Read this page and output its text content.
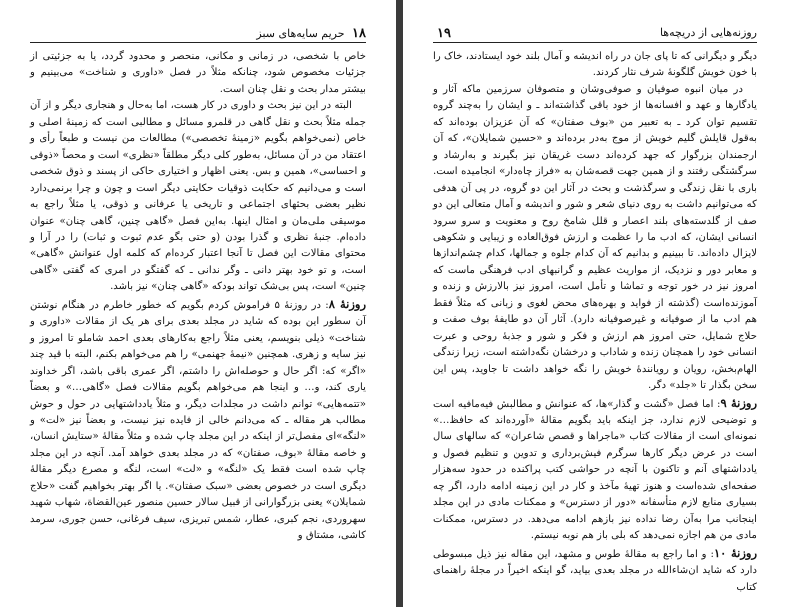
۱۸ حریم سایه‌های سبز

خاص با شخصی، در زمانی و مکانی، منحصر و محدود گردد، یا به جزئیتی از جزئیات مخصوص شود، چنانکه مثلاً در فصل «داوری و شناخت» می‌بینیم و بیشتر مدار بحث و نقل چنان است.

البته در این نیز بحث و داوری در کار هست، اما به‌حال و هنجاری دیگر و از آن جمله مثلاً بحث و نقل گاهی در قلمرو مسائل و مطالبی است که زمینهٔ اصلی و خاص (نمی‌خواهم بگویم «زمینهٔ تخصصی») مطالعات من نیست و طبعاً رأی و اعتقاد من در آن مسائل، به‌طور کلی دیگر مطلقاً «نظری» است و محصاً «ذوقی و احساسی»، همین و بس. یعنی اظهار و اختیاری حاکی از پسند و ذوق شخصی است و می‌دانیم که حکایت ذوقیات حکایتی دیگر است و چون و چرا برنمی‌دارد نظیر بعضی بحثهای اجتماعی و تاریخی یا عرفانی و ذوقی، یا مثلاً راجع به موسیقی ملی‌مان و امثال اینها. به‌این فصل «گاهی چنین، گاهی چنان» عنوان داده‌ام. جنبهٔ نظری و گذرا بودن (و حتی بگو عدم ثبوت و ثبات) را در آرا و محتوای مقالات این فصل تا آنجا اعتبار کرده‌ام که کلمه اول عنوانش «گاهی» است، و تو خود بهتر دانی ـ وگر ندانی ـ که گفتگو در امری که گفتی «گاهی چنین» است، پس بی‌شک تواند بودکه «گاهی چنان» نیز باشد.

روزنهٔ ۸: در روزنهٔ ۵ فراموش کردم بگویم که خطور خاطرم در هنگام نوشتن آن سطور این بوده که شاید در مجلد بعدی برای هر یک از مقالات «داوری و شناخت» ذیلی بنویسم، یعنی مثلاً راجع به‌کارهای بعدی احمد شاملو تا امروز و نیز سایه و زهری. همچنین «نیمهٔ جهنمی» را هم می‌خواهم بکنم، البته با قید چند «اگر» که: اگر حال و حوصله‌اش را داشتم، اگر عمری باقی باشد، اگر خداوند یاری کند، و… و اینجا هم می‌خواهم بگویم مقالات فصل «گاهی…» و بعضاً «تتمه‌هایی» توانم داشت در مجلدات دیگر، و مثلاً یادداشتهایی در حول و حوش مطالب هر مقاله ـ که می‌دانم خالی از فایده نیز نیست، و بعضاً نیز «لت» و «لنگه»‌ای مفصل‌تر از اینکه در این مجلد چاپ شده و مثلاً مقالهٔ «ستایش انسان، و خاصه مقالهٔ «بوف، صفتان» که در مجلد بعدی خواهد آمد. آنچه در این مجلد چاپ شده است فقط یک «لنگه» و «لت» است، لنگه و مصرع دیگر مقالهٔ دیگری است در خصوص بعضی «سبک صفتان». یا اگر بهتر بخواهیم گفت «حلاج شمایلان» یعنی بزرگوارانی از قبیل سالار حسین منصور عین‌القضاة، شهاب شهید سهروردی، نجم کبری، عطار، شمس تبریزی، سیف فرغانی، حسن جوری، سرمد کاشی، مشتاق و

روزنه‌هایی از دریچه‌ها
۱۹

دیگر و دیگرانی که تا پای جان در راه اندیشه و آمال بلند خود ایستادند، خاک را با خون خویش گلگونهٔ شرف نثار کردند.

در میان انبوه صوفیان و صوفی‌وشان و متصوفان سرزمین ماکه آثار و یادگارها و عهد و افسانه‌ها از خود باقی گذاشته‌اند ـ و ایشان را به‌چند گروه تقسیم توان کرد ـ به تعبیر من «بوف صفتان» که آن عزیزان بوده‌اند که به‌قول قایلش گلیم خویش از موج به‌در برده‌اند و «حسین شمایلان»، که آن ارجمندان بزرگوار که جهد کرده‌اند دست غریقان نیز بگیرند و به‌ارشاد و سرگشتگی رفتند و از همین جهت قصه‌شان به «فراز چاه‌دار» انجامیده است. باری با نقل زندگی و سرگذشت و بحث در آثار این دو گروه، در پی آن هدفی که می‌توانیم داشت به روی دنیای شعر و شور و اندیشه و آمال متعالی این دو صف از گلدسته‌های بلند اعصار و قلل شامخ روح و معنویت و سرو سرود انسانی ایشان، که ادب ما را عظمت و ارزش فوق‌العاده و زیبایی و شکوهی لایزال داده‌اند. تا ببینیم و بدانیم که آن کدام جلوه و جمالها، کدام چشم‌اندازها و معابر دور و نزدیک، از مواریث عظیم و گرانبهای ادب فرهنگی ماست که امروز نیز در خور توجه و تماشا و تأمل است، امروز نیز بالارزش و زنده و آموزنده‌است (گذشته از فواید و بهره‌های محض لغوی و زبانی که مثلاً فقط هم ادب ما از صوفیانه و غیرصوفیانه دارد). آثار آن دو طایفهٔ بوف صفت و حلاج شمایل، حتی امروز هم ارزش و فکر و شور و جذبهٔ روحی و عبرت انسانی خود را همچنان زنده و شاداب و درخشان نگه‌داشته است، زیرا زندگی الهام‌بخش، ‌رویان و رویانندهٔ خویش را نگه خواهد داشت تا جاوید، پس این سخن بگذار تا «جلد» دگر.

روزنهٔ ۹: اما فصل «گشت و گذار»ها، که عنوانش و مطالبش فیه‌مافیه است و توضیحی لازم ندارد، جز اینکه باید بگویم مقالهٔ «آورده‌اند که حافظ…» نمونه‌ای است از مقالات کتاب «ماجراها و قصص شاعران» که سالهای سال است در عرض دیگر کارها سرگرم فیش‌برداری و تدوین و تنظیم فصول و یادداشتهای آنم و تاکنون با آنچه در حواشی کتب پراکنده در حدود سه‌هزار صفحه‌ای شده‌است و هنوز تهیهٔ مآخذ و کار در این زمینه ادامه دارد، اگر چه بسیاری منابع لازم متأسفانه «دور از دسترس» و ممکنات مادی در این مجلد اینجانب مرا به‌آن رضا نداده نیز بازهم ادامه می‌دهد. در دسترس، ممکنات مادی من هم اجازه نمی‌دهد که بلی باز هم نوبه نیستم.

روزنهٔ ۱۰: و اما راجع به مقالهٔ طوس و مشهد، این مقاله نیز ذیل مبسوطی دارد که شاید ان‌شاءالله در مجلد بعدی بیاید، گو اینکه اخیراً در مجلهٔ راهنمای کتاب
